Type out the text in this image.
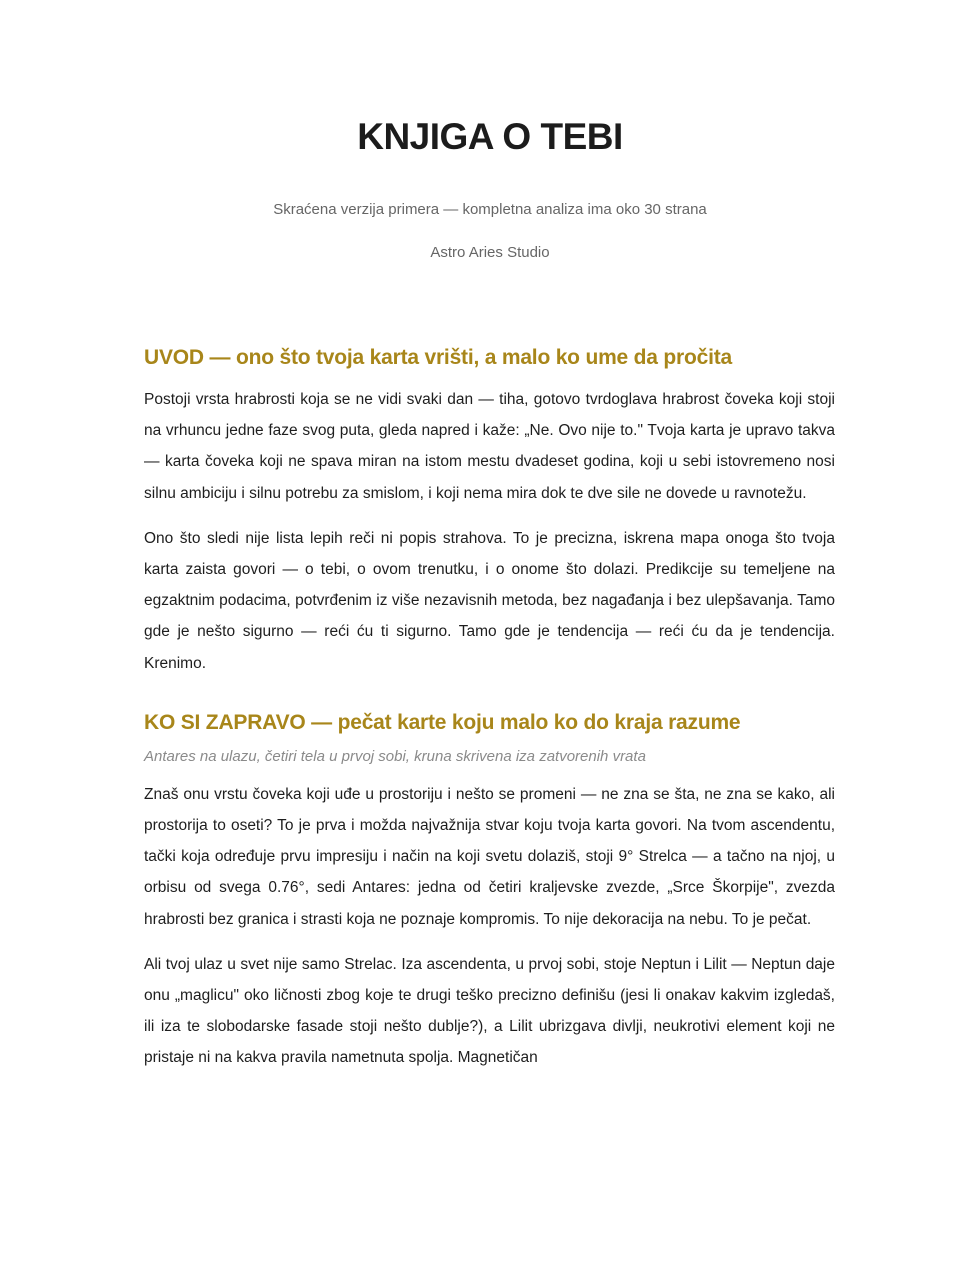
KNJIGA O TEBI

Skraćena verzija primera — kompletna analiza ima oko 30 strana

Astro Aries Studio

UVOD — ono što tvoja karta vrišti, a malo ko ume da pročita

Postoji vrsta hrabrosti koja se ne vidi svaki dan — tiha, gotovo tvrdoglava hrabrost čoveka koji stoji na vrhuncu jedne faze svog puta, gleda napred i kaže: „Ne. Ovo nije to." Tvoja karta je upravo takva — karta čoveka koji ne spava miran na istom mestu dvadeset godina, koji u sebi istovremeno nosi silnu ambiciju i silnu potrebu za smislom, i koji nema mira dok te dve sile ne dovede u ravnotežu.

Ono što sledi nije lista lepih reči ni popis strahova. To je precizna, iskrena mapa onoga što tvoja karta zaista govori — o tebi, o ovom trenutku, i o onome što dolazi. Predikcije su temeljene na egzaktnim podacima, potvrđenim iz više nezavisnih metoda, bez nagađanja i bez ulepšavanja. Tamo gde je nešto sigurno — reći ću ti sigurno. Tamo gde je tendencija — reći ću da je tendencija. Krenimo.

KO SI ZAPRAVO — pečat karte koju malo ko do kraja razume

Antares na ulazu, četiri tela u prvoj sobi, kruna skrivena iza zatvorenih vrata

Znaš onu vrstu čoveka koji uđe u prostoriju i nešto se promeni — ne zna se šta, ne zna se kako, ali prostorija to oseti? To je prva i možda najvažnija stvar koju tvoja karta govori. Na tvom ascendentu, tački koja određuje prvu impresiju i način na koji svetu dolaziš, stoji 9° Strelca — a tačno na njoj, u orbisu od svega 0.76°, sedi Antares: jedna od četiri kraljevske zvezde, „Srce Škorpije", zvezda hrabrosti bez granica i strasti koja ne poznaje kompromis. To nije dekoracija na nebu. To je pečat.

Ali tvoj ulaz u svet nije samo Strelac. Iza ascendenta, u prvoj sobi, stoje Neptun i Lilit — Neptun daje onu „maglicu" oko ličnosti zbog koje te drugi teško precizno definišu (jesi li onakav kakvim izgledaš, ili iza te slobodarske fasade stoji nešto dublje?), a Lilit ubrizgava divlji, neukrotivi element koji ne pristaje ni na kakva pravila nametnuta spolja. Magnetičan
